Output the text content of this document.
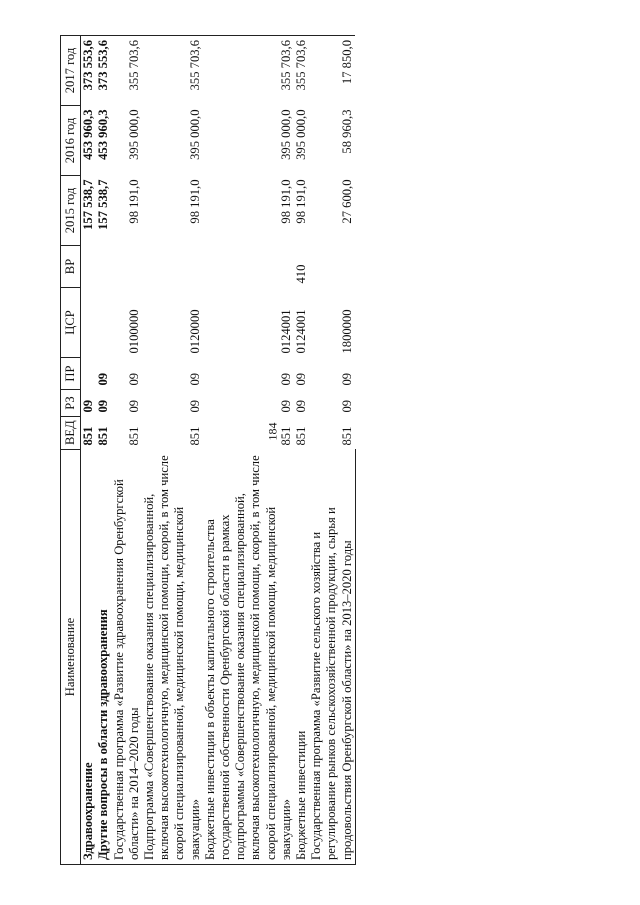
184
Наименование	ВЕД	РЗ	ПР	ЦСР	ВР	2015 год	2016 год	2017 год
Здравоохранение	851	09				157 538,7	453 960,3	373 553,6
Другие вопросы в области здравоохранения	851	09	09			157 538,7	453 960,3	373 553,6
Государственная программа «Развитие здравоохранения Оренбургской области» на 2014–2020 годы	851	09	09	0100000		98 191,0	395 000,0	355 703,6
Подпрограмма «Совершенствование оказания специализированной, включая высокотехнологичную, медицинской помощи, скорой, в том числе скорой специализированной, медицинской помощи, медицинской эвакуации»	851	09	09	0120000		98 191,0	395 000,0	355 703,6
Бюджетные инвестиции в объекты капитального строительства государственной собственности Оренбургской области в рамках подпрограммы «Совершенствование оказания специализированной, включая высокотехнологичную, медицинской помощи, скорой, в том числе скорой специализированной, медицинской помощи, медицинской эвакуации»	851	09	09	0124001		98 191,0	395 000,0	355 703,6
Бюджетные инвестиции	851	09	09	0124001	410	98 191,0	395 000,0	355 703,6
Государственная программа «Развитие сельского хозяйства и регулирование рынков сельскохозяйственной продукции, сырья и продовольствия Оренбургской области» на 2013–2020 годы	851	09	09	1800000		27 600,0	58 960,3	17 850,0
